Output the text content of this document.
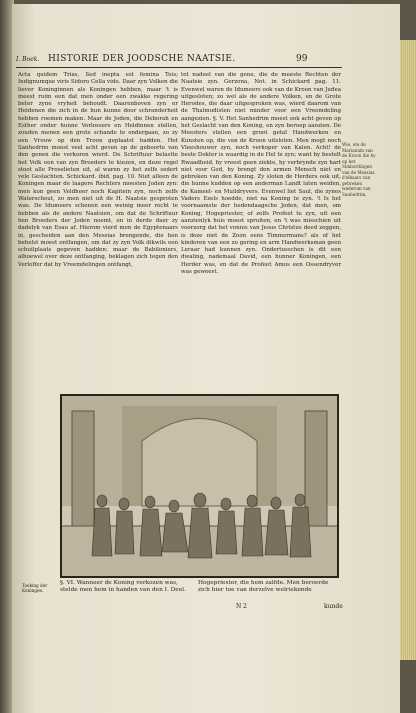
I. Boek. HISTORIE DER JOODSCHE NAATSIE.	99
Acta quidem Trias, Sed inepta est femina Teis; Indignumque viris Sidoro Cella vido. Daar zyn Volken die liever Koninginnen als Koningen hebben, maar 't is meest ruim een dat men onder een zwakke regering beter zyne vryheit behoudt. Daarenboven zyn er Heidenen die zich in de hun kunne door schranderheit hebben roemen maken. Maar de Joden, die Deborah en Esther onder hunne Verlossers en Heldinnen stellen, zouden menen een grote schande te ondergaan, zo zy een Vrouw op den Troon geplaatst hadden. Het Sanhedrim moest veel acht geven op de geboorte van den genen die verkoren wierd. De Schriftuur belastte het Volk een van zyn Broeders te kiezen, en deze regel stoot alle Proselieten uit, al waren zy het zelfs sedert vele Geslachten. Schickard. ibid. pag. 10. Niet alleen de Koningen maar de laagere Rechters moesten Joden zyn: men kon geen Veldheer noch Kapitein zyn, noch zelfs Waterschout, zo men niet uit de H. Naatsie gesproten was. De Idumeers schenen een weinig meer recht te hebben als de andere Naatsien, om dat de Schriftuur hen Broeders der Joden noemt, en in derde daer zy dadelyk van Esau af. Hierom vierd men de Egyptenaars in, gescheiden aan den Messias brengende, die hen behelst moest ontfangen, om dat zy zyn Volk dikwils een schuilplaats gegeven hadden: maar de Babiloniers, alhoewel over deze ontfanging, beklagen zich tegen den Verloffer dat by Vreemdelingen ontfangt,
tot nadeel van die gene, die de meeste Rechten der Naatsie zyn. Gerzona, Not. in Schickard pag. 11. Evenwel waren de Idumeers ook van de Kroon van Judea uitgesloten; zo wel als de andere Volken, en de Grote Herodes, die daar uitgesproken was, wierd daarom van de Thalmudisten niet minder voor een Vreemdeling aangezien. §. V. Het Sanhedrim moest ook acht geven op het Geslacht van den Koning, en zyn beroep aanzien. De Meesters stellen een groot getal Handwerken en Kunsten op, die van de Kroon uitsloten. Men mogt noch Vleeshouwer zyn, noch verkoper van Kalen. Acht! de beste Dokter is waardig in de Hel te zyn; want by bestelt Rwaadheid, by vreest geen ziekte, hy verbrynde zyn hart niet voor God, hy brengt den armen Mensch niet en gebreken van den Koning. Zy sloten de Herders ook uit, die hunne kudden op een anderman Landt laten weiden, de Kameel- en Muildryvers. Evenwel liet Saul, die zynes Vaders Ezels hoedde, niet na Koning te zyn. 't Is het voornaamste der hedendaagsche Joden, dat men, om Koning, Hogepriester, of zelfs Profeet te zyn, uit een aanzienlyk huis moest spruiten, en 't was misschien uit voorzorg dat het vonnis van Jesus Christus deed zeggen, is deze niet de Zoon eens Timmermans? als of het kinderen van een zo gering en arm Handwerksman geen Leraar had kunnen zyn. Ondertusschen is dit een dwaling, nademaal David, een hunner Koningen, een Herder was, en dat de Profeet Amos een Ossendryver was geweest.
Wie, om de Marianum van de Kroon die hy op het Simbordingen van de Messias. d'elkaars van gebreken wederom van Sanhedrim.
Toeking der Koningen.
§. VI. Wanneer de Koning verkozen was, stelde men hem in handen van den I. Deel.
Hogepriester, die hem zalfde. Men beroerde zich hier toe van derzelve welriekende
N 2	kunde
